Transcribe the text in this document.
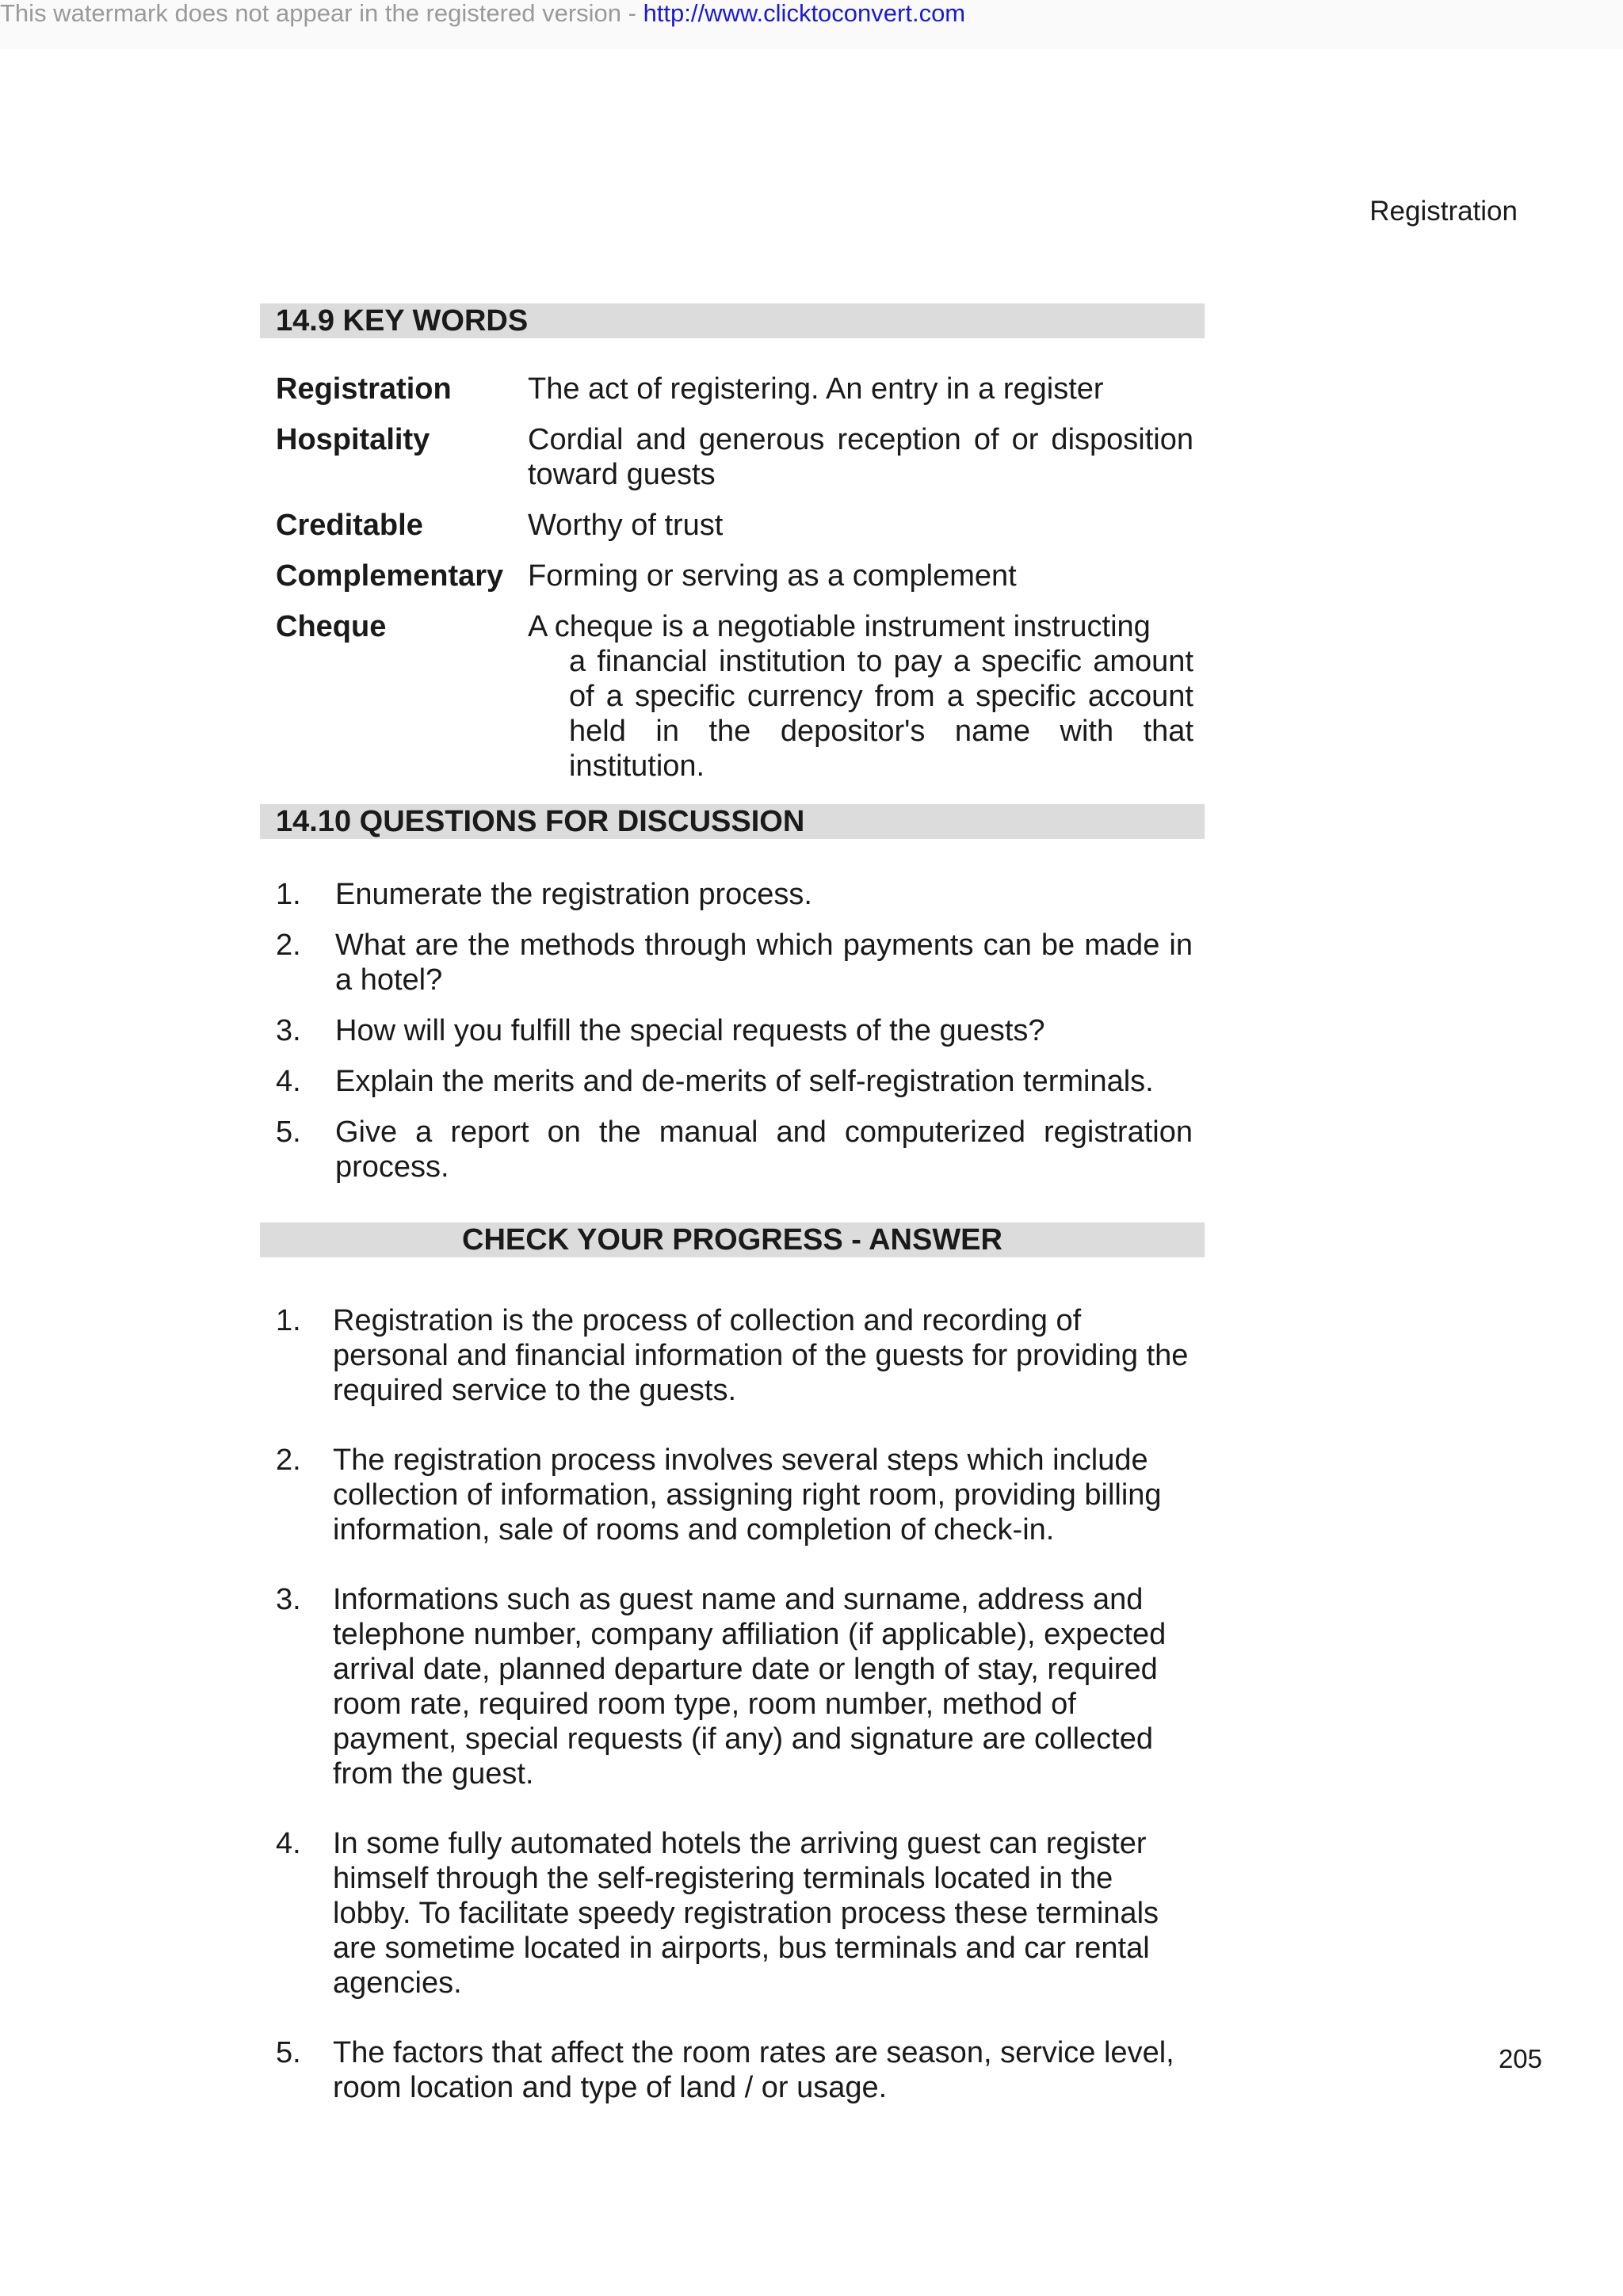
This watermark does not appear in the registered version - http://www.clicktoconvert.com
Registration
14.9 KEY WORDS
Registration	The act of registering. An entry in a register
Hospitality	Cordial and generous reception of or disposition toward guests
Creditable	Worthy of trust
Complementary Forming or serving as a complement
Cheque	A cheque is a negotiable instrument instructing
a financial institution to pay a specific amount of a specific currency from a specific account held in the depositor's name with that institution.
14.10 QUESTIONS FOR DISCUSSION
1.	Enumerate the registration process.
2.	What are the methods through which payments can be made in a hotel?
3.	How will you fulfill the special requests of the guests?
4.	Explain the merits and de-merits of self-registration terminals.
5.	Give a report on the manual and computerized registration process.
CHECK YOUR PROGRESS - ANSWER
1.	Registration is the process of collection and recording of
personal and financial information of the guests for providing the
required service to the guests.
2.	The registration process involves several steps which include
collection of information, assigning right room, providing billing
information, sale of rooms and completion of check-in.
3.	Informations such as guest name and surname, address and
telephone number, company affiliation (if applicable), expected
arrival date, planned departure date or length of stay, required
room rate, required room type, room number, method of
payment, special requests (if any) and signature are collected
from the guest.
4.	In some fully automated hotels the arriving guest can register
himself through the self-registering terminals located in the
lobby. To facilitate speedy registration process these terminals
are sometime located in airports, bus terminals and car rental
agencies.
5.	The factors that affect the room rates are season, service level,
room location and type of land / or usage.
205
